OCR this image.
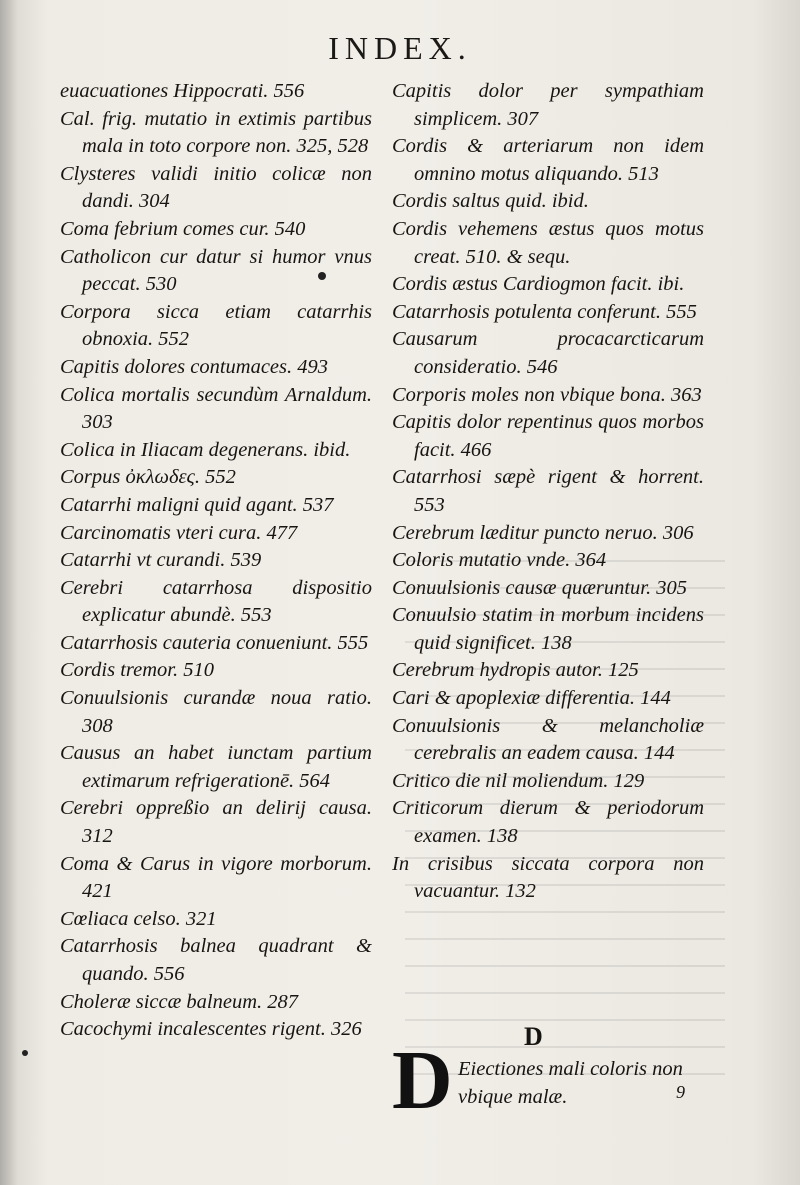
INDEX.

euacuationes Hippocrati. 556

Cal. frig. mutatio in extimis partibus mala in toto corpore non. 325, 528

Clysteres validi initio colicæ non dandi. 304

Coma febrium comes cur. 540

Catholicon cur datur si humor vnus peccat. 530

Corpora sicca etiam catarrhis obnoxia. 552

Capitis dolores contumaces. 493

Colica mortalis secundùm Arnaldum. 303

Colica in Iliacam degenerans. ibid.

Corpus ὀκλωδες. 552

Catarrhi maligni quid agant. 537

Carcinomatis vteri cura. 477

Catarrhi vt curandi. 539

Cerebri catarrhosa dispositio explicatur abundè. 553

Catarrhosis cauteria conueniunt. 555

Cordis tremor. 510

Conuulsionis curandæ noua ratio. 308

Causus an habet iunctam partium extimarum refrigerationē. 564

Cerebri oppreßio an delirij causa. 312

Coma & Carus in vigore morborum. 421

Cœliaca celso. 321

Catarrhosis balnea quadrant & quando. 556

Choleræ siccæ balneum. 287

Cacochymi incalescentes rigent. 326

Capitis dolor per sympathiam simplicem. 307

Cordis & arteriarum non idem omnino motus aliquando. 513

Cordis saltus quid. ibid.

Cordis vehemens æstus quos motus creat. 510. & sequ.

Cordis æstus Cardiogmon facit. ibi.

Catarrhosis potulenta conferunt. 555

Causarum procacarcticarum consideratio. 546

Corporis moles non vbique bona. 363

Capitis dolor repentinus quos morbos facit. 466

Catarrhosi sæpè rigent & horrent. 553

Cerebrum læditur puncto neruo. 306

Coloris mutatio vnde. 364

Conuulsionis causæ quæruntur. 305

Conuulsio statim in morbum incidens quid significet. 138

Cerebrum hydropis autor. 125

Cari & apoplexiæ differentia. 144

Conuulsionis & melancholiæ cerebralis an eadem causa. 144

Critico die nil moliendum. 129

Criticorum dierum & periodorum examen. 138

In crisibus siccata corpora non vacuantur. 132

D
D Eiectiones mali coloris non vbique malæ.	9
